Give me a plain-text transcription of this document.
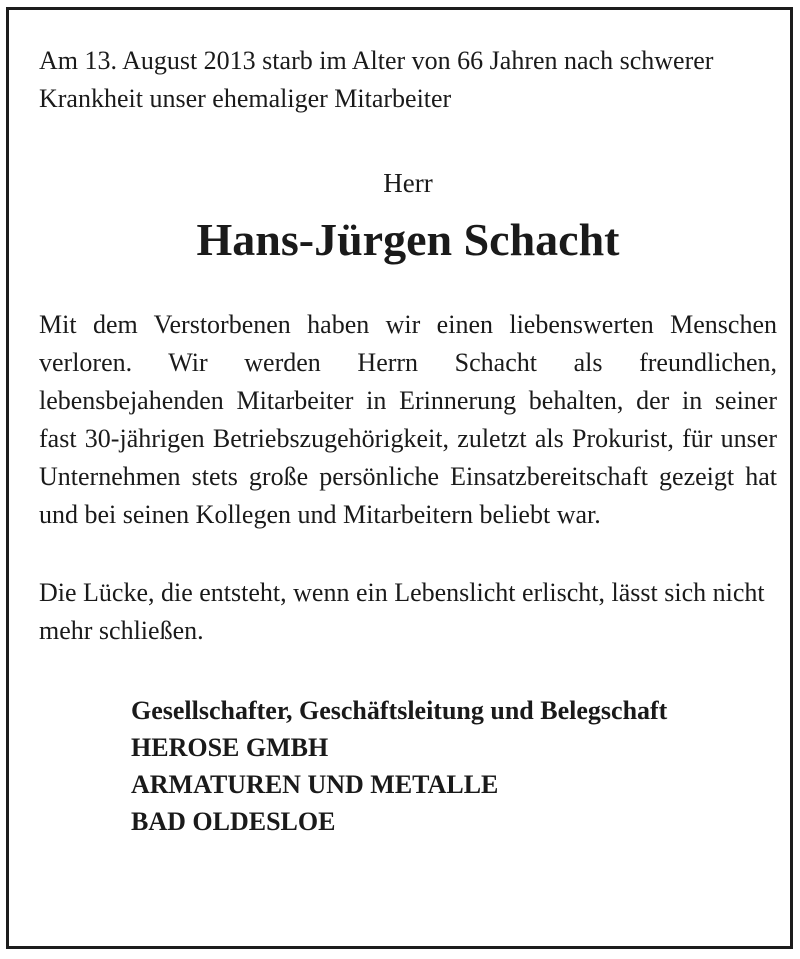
Am 13. August 2013 starb im Alter von 66 Jahren nach schwerer Krankheit unser ehemaliger Mitarbeiter

Herr

Hans-Jürgen Schacht

Mit dem Verstorbenen haben wir einen liebenswerten Menschen verloren. Wir werden Herrn Schacht als freundlichen, lebensbejahenden Mitarbeiter in Erinnerung behalten, der in seiner fast 30-jährigen Betriebszugehörigkeit, zuletzt als Prokurist, für unser Unternehmen stets große persönliche Einsatzbereitschaft gezeigt hat und bei seinen Kollegen und Mitarbeitern beliebt war.

Die Lücke, die entsteht, wenn ein Lebenslicht erlischt, lässt sich nicht mehr schließen.

Gesellschafter, Geschäftsleitung und Belegschaft
HEROSE GMBH
ARMATUREN UND METALLE
BAD OLDESLOE
